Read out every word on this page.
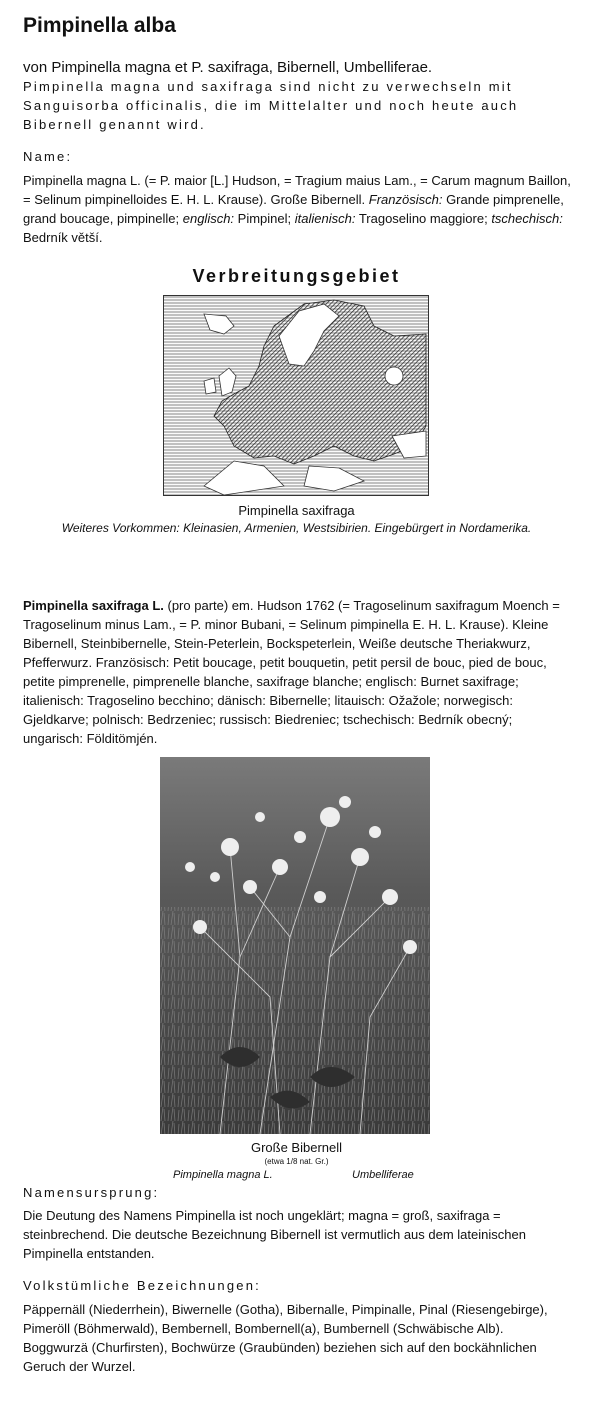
Pimpinella alba
von Pimpinella magna et P. saxifraga, Bibernell, Umbelliferae.
Pimpinella magna und saxifraga sind nicht zu verwechseln mit Sanguisorba officinalis, die im Mittelalter und noch heute auch Bibernell genannt wird.
Name:
Pimpinella magna L. (= P. maior [L.] Hudson, = Tragium maius Lam., = Carum magnum Baillon, = Selinum pimpinelloides E. H. L. Krause). Große Bibernell. Französisch: Grande pimprenelle, grand boucage, pimpinelle; englisch: Pimpinel; italienisch: Tragoselino maggiore; tschechisch: Bedrník větší.
Verbreitungsgebiet
Pimpinella saxifraga
Weiteres Vorkommen: Kleinasien, Armenien, Westsibirien. Eingebürgert in Nordamerika.
Pimpinella saxifraga L. (pro parte) em. Hudson 1762 (= Tragoselinum saxifragum Moench = Tragoselinum minus Lam., = P. minor Bubani, = Selinum pimpinella E. H. L. Krause). Kleine Bibernell, Steinbibernelle, Stein-Peterlein, Bockspeterlein, Weiße deutsche Theriakwurz, Pfefferwurz. Französisch: Petit boucage, petit bouquetin, petit persil de bouc, pied de bouc, petite pimprenelle, pimprenelle blanche, saxifrage blanche; englisch: Burnet saxifrage; italienisch: Tragoselino becchino; dänisch: Bibernelle; litauisch: Ožažole; norwegisch: Gjeldkarve; polnisch: Bedrzeniec; russisch: Biedreniec; tschechisch: Bedrník obecný; ungarisch: Földitömjén.
Große Bibernell
(etwa 1/8 nat. Gr.)
Pimpinella magna L.	Umbelliferae
Namensursprung:
Die Deutung des Namens Pimpinella ist noch ungeklärt; magna = groß, saxifraga = steinbrechend. Die deutsche Bezeichnung Bibernell ist vermutlich aus dem lateinischen Pimpinella entstanden.
Volkstümliche Bezeichnungen:
Päppernäll (Niederrhein), Biwernelle (Gotha), Bibernalle, Pimpinalle, Pinal (Riesengebirge), Pimeröll (Böhmerwald), Bembernell, Bombernell(a), Bumbernell (Schwäbische Alb). Boggwurzä (Churfirsten), Bochwürze (Graubünden) beziehen sich auf den bockähnlichen Geruch der Wurzel.
